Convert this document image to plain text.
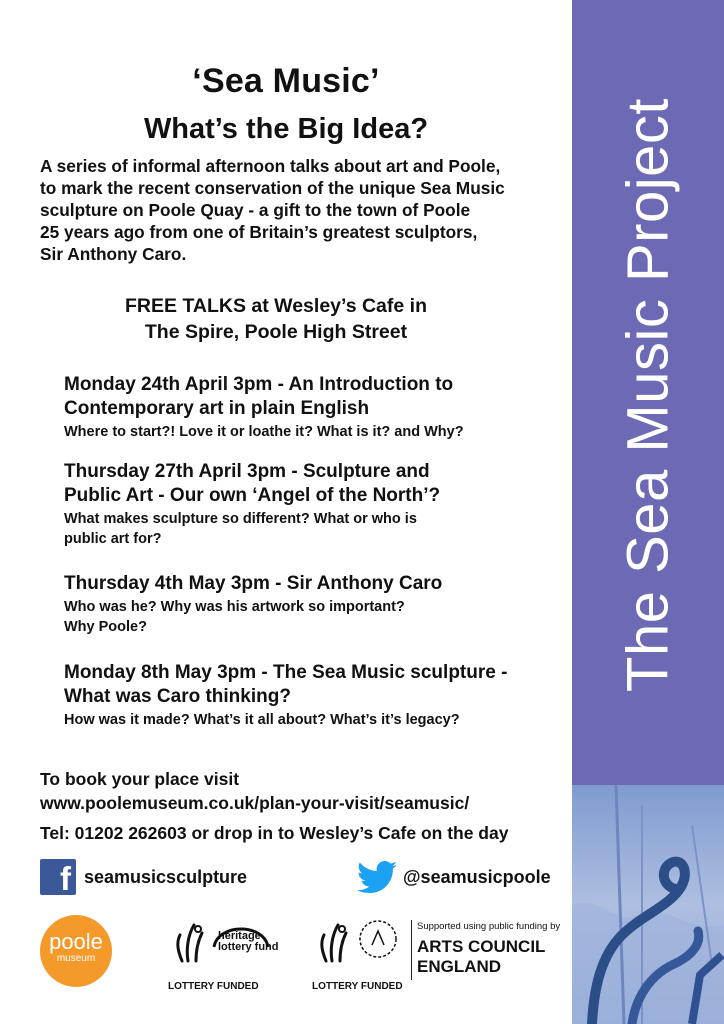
‘Sea Music’
What’s the Big Idea?
A series of informal afternoon talks about art and Poole,
to mark the recent conservation of the unique Sea Music
sculpture on Poole Quay - a gift to the town of Poole
25 years ago from one of Britain’s greatest sculptors,
Sir Anthony Caro.
FREE TALKS at Wesley’s Cafe in
The Spire, Poole High Street
Monday 24th April 3pm - An Introduction to
Contemporary art in plain English
Where to start?! Love it or loathe it? What is it? and Why?
Thursday 27th April 3pm - Sculpture and
Public Art - Our own ‘Angel of the North’?
What makes sculpture so different? What or who is
public art for?
Thursday 4th May 3pm - Sir Anthony Caro
Who was he? Why was his artwork so important?
Why Poole?
Monday 8th May 3pm - The Sea Music sculpture -
What was Caro thinking?
How was it made? What’s it all about? What’s it’s legacy?
To book your place visit
www.poolemuseum.co.uk/plan-your-visit/seamusic/
Tel: 01202 262603 or drop in to Wesley’s Cafe on the day
f seamusicsculpture	@seamusicpoole
poole
museum
heritage
lottery fund
LOTTERY FUNDED	LOTTERY FUNDED
Supported using public funding by
ARTS COUNCIL
ENGLAND
The Sea Music Project
